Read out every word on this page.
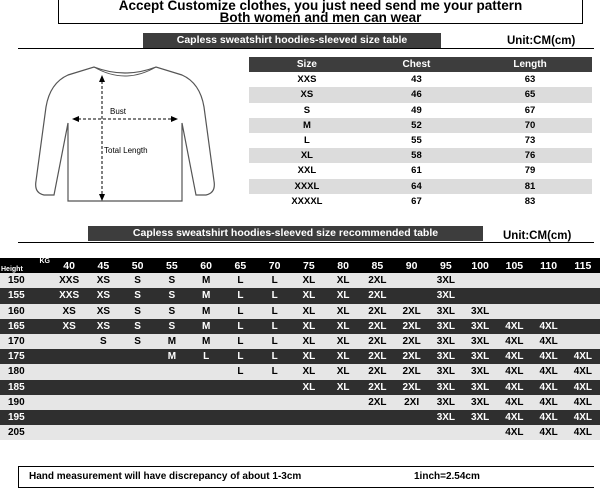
Accept Customize clothes, you just need send me your pattern
Both women and men can wear
Capless sweatshirt hoodies-sleeved size table	Unit:CM(cm)
Bust
Total Length
Size	Chest	Length
XXS	43	63
XS	46	65
S	49	67
M	52	70
L	55	73
XL	58	76
XXL	61	79
XXXL	64	81
XXXXL	67	83
Capless sweatshirt hoodies-sleeved size recommended table	Unit:CM(cm)
KG
Height	40	45	50	55	60	65	70	75	80	85	90	95	100	105	110	115
150	XXS	XS	S	S	M	L	L	XL	XL	2XL		3XL				
155	XXS	XS	S	S	M	L	L	XL	XL	2XL		3XL				
160	XS	XS	S	S	M	L	L	XL	XL	2XL	2XL	3XL	3XL			
165	XS	XS	S	S	M	L	L	XL	XL	2XL	2XL	3XL	3XL	4XL	4XL	
170		S	S	M	M	L	L	XL	XL	2XL	2XL	3XL	3XL	4XL	4XL	
175				M	L	L	L	XL	XL	2XL	2XL	3XL	3XL	4XL	4XL	4XL
180						L	L	XL	XL	2XL	2XL	3XL	3XL	4XL	4XL	4XL
185								XL	XL	2XL	2XL	3XL	3XL	4XL	4XL	4XL
190										2XL	2XI	3XL	3XL	4XL	4XL	4XL
195												3XL	3XL	4XL	4XL	4XL
205														4XL	4XL	4XL
Hand measurement will have discrepancy of about 1-3cm	1inch=2.54cm
